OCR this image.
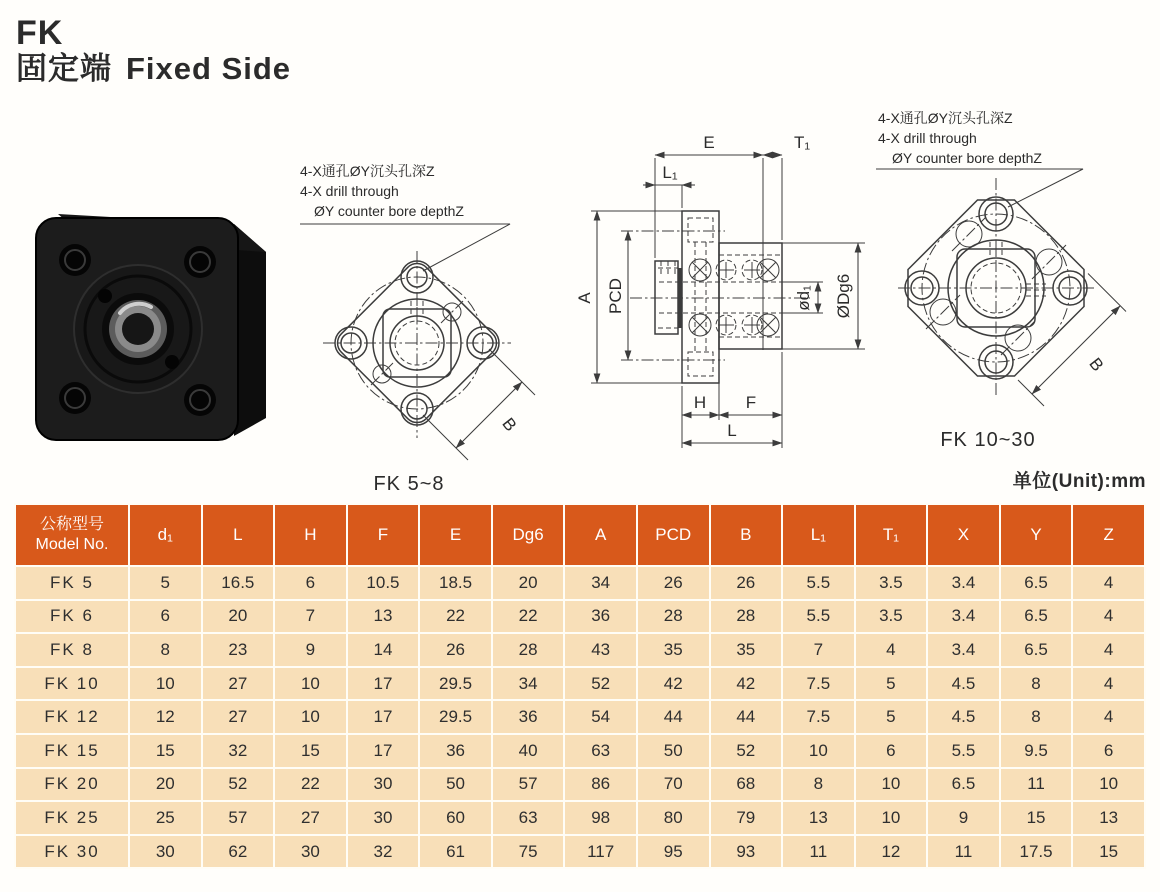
FK
固定端 Fixed Side
4-X通孔ØY沉头孔深Z
4-X drill through
ØY counter bore depthZ
B
FK 5~8
E	T₁
L₁
A PCD	ød₁ ØDg6
H F
L
4-X通孔ØY沉头孔深Z
4-X drill through
ØY counter bore depthZ
B
FK 10~30
单位(Unit):mm
公称型号
Model No.	d₁	L	H	F	E	Dg6	A	PCD	B	L₁	T₁	X	Y	Z
FK 5	5	16.5	6	10.5	18.5	20	34	26	26	5.5	3.5	3.4	6.5	4
FK 6	6	20	7	13	22	22	36	28	28	5.5	3.5	3.4	6.5	4
FK 8	8	23	9	14	26	28	43	35	35	7	4	3.4	6.5	4
FK 10	10	27	10	17	29.5	34	52	42	42	7.5	5	4.5	8	4
FK 12	12	27	10	17	29.5	36	54	44	44	7.5	5	4.5	8	4
FK 15	15	32	15	17	36	40	63	50	52	10	6	5.5	9.5	6
FK 20	20	52	22	30	50	57	86	70	68	8	10	6.5	11	10
FK 25	25	57	27	30	60	63	98	80	79	13	10	9	15	13
FK 30	30	62	30	32	61	75	117	95	93	11	12	11	17.5	15
